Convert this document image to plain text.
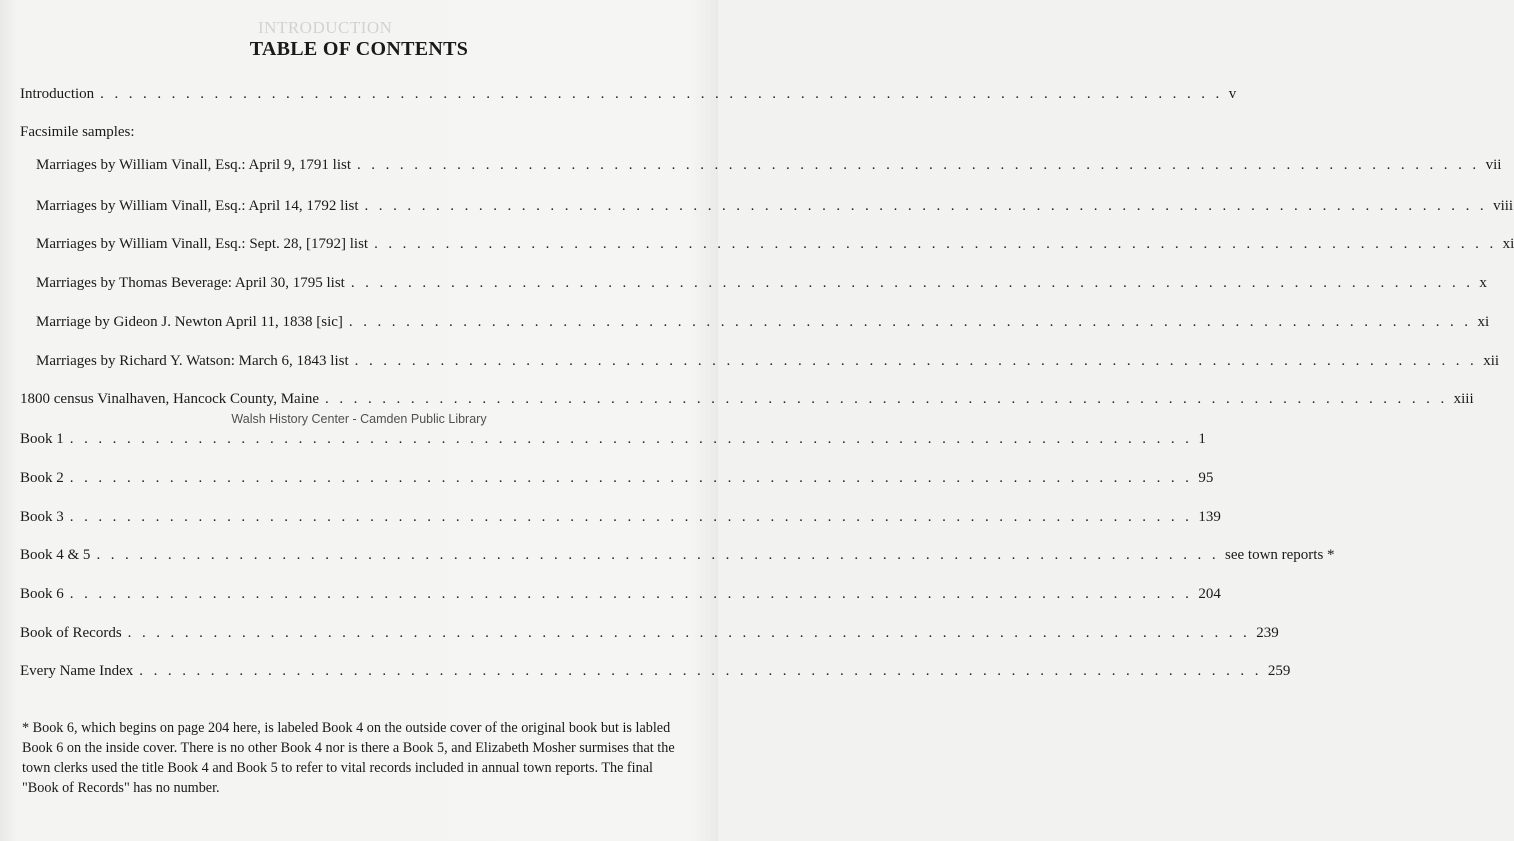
INTRODUCTION
TABLE OF CONTENTS
Introduction . . . . . . . . . . . . . . . . . . . . . . . . . . . . . . . . . . . . . . . . . . . . . . . . . . . . . . . . . . . . . . . . . . . . . . . . . . . . . . . v
Facsimile samples:
Marriages by William Vinall, Esq.: April 9, 1791 list . . . . . . . . . . . . . . . . . . . . . . . . . . . . . . . . . . . . . . . . . . . . . . . . . . . . . . . . . . . . . . . . . . . . . . . . . . . . . . . vii
Marriages by William Vinall, Esq.: April 14, 1792 list . . . . . . . . . . . . . . . . . . . . . . . . . . . . . . . . . . . . . . . . . . . . . . . . . . . . . . . . . . . . . . . . . . . . . . . . . . . . . . . viii
Marriages by William Vinall, Esq.: Sept. 28, [1792] list . . . . . . . . . . . . . . . . . . . . . . . . . . . . . . . . . . . . . . . . . . . . . . . . . . . . . . . . . . . . . . . . . . . . . . . . . . . . . . . xi
Marriages by Thomas Beverage: April 30, 1795 list . . . . . . . . . . . . . . . . . . . . . . . . . . . . . . . . . . . . . . . . . . . . . . . . . . . . . . . . . . . . . . . . . . . . . . . . . . . . . . . x
Marriage by Gideon J. Newton April 11, 1838 [sic] . . . . . . . . . . . . . . . . . . . . . . . . . . . . . . . . . . . . . . . . . . . . . . . . . . . . . . . . . . . . . . . . . . . . . . . . . . . . . . . xi
Marriages by Richard Y. Watson: March 6, 1843 list . . . . . . . . . . . . . . . . . . . . . . . . . . . . . . . . . . . . . . . . . . . . . . . . . . . . . . . . . . . . . . . . . . . . . . . . . . . . . . . xii
1800 census Vinalhaven, Hancock County, Maine . . . . . . . . . . . . . . . . . . . . . . . . . . . . . . . . . . . . . . . . . . . . . . . . . . . . . . . . . . . . . . . . . . . . . . . . . . . . . . . xiii
Book 1 . . . . . . . . . . . . . . . . . . . . . . . . . . . . . . . . . . . . . . . . . . . . . . . . . . . . . . . . . . . . . . . . . . . . . . . . . . . . . . . 1
Book 2 . . . . . . . . . . . . . . . . . . . . . . . . . . . . . . . . . . . . . . . . . . . . . . . . . . . . . . . . . . . . . . . . . . . . . . . . . . . . . . . 95
Book 3 . . . . . . . . . . . . . . . . . . . . . . . . . . . . . . . . . . . . . . . . . . . . . . . . . . . . . . . . . . . . . . . . . . . . . . . . . . . . . . . 139
Book 4 & 5 . . . . . . . . . . . . . . . . . . . . . . . . . . . . . . . . . . . . . . . . . . . . . . . . . . . . . . . . . . . . . . . . . . . . . . . . . . . . . . . see town reports *
Book 6 . . . . . . . . . . . . . . . . . . . . . . . . . . . . . . . . . . . . . . . . . . . . . . . . . . . . . . . . . . . . . . . . . . . . . . . . . . . . . . . 204
Book of Records . . . . . . . . . . . . . . . . . . . . . . . . . . . . . . . . . . . . . . . . . . . . . . . . . . . . . . . . . . . . . . . . . . . . . . . . . . . . . . . 239
Every Name Index . . . . . . . . . . . . . . . . . . . . . . . . . . . . . . . . . . . . . . . . . . . . . . . . . . . . . . . . . . . . . . . . . . . . . . . . . . . . . . . 259
Walsh History Center - Camden Public Library
* Book 6, which begins on page 204 here, is labeled Book 4 on the outside cover of the original book but is labled Book 6 on the inside cover. There is no other Book 4 nor is there a Book 5, and Elizabeth Mosher surmises that the town clerks used the title Book 4 and Book 5 to refer to vital records included in annual town reports. The final "Book of Records" has no number.
